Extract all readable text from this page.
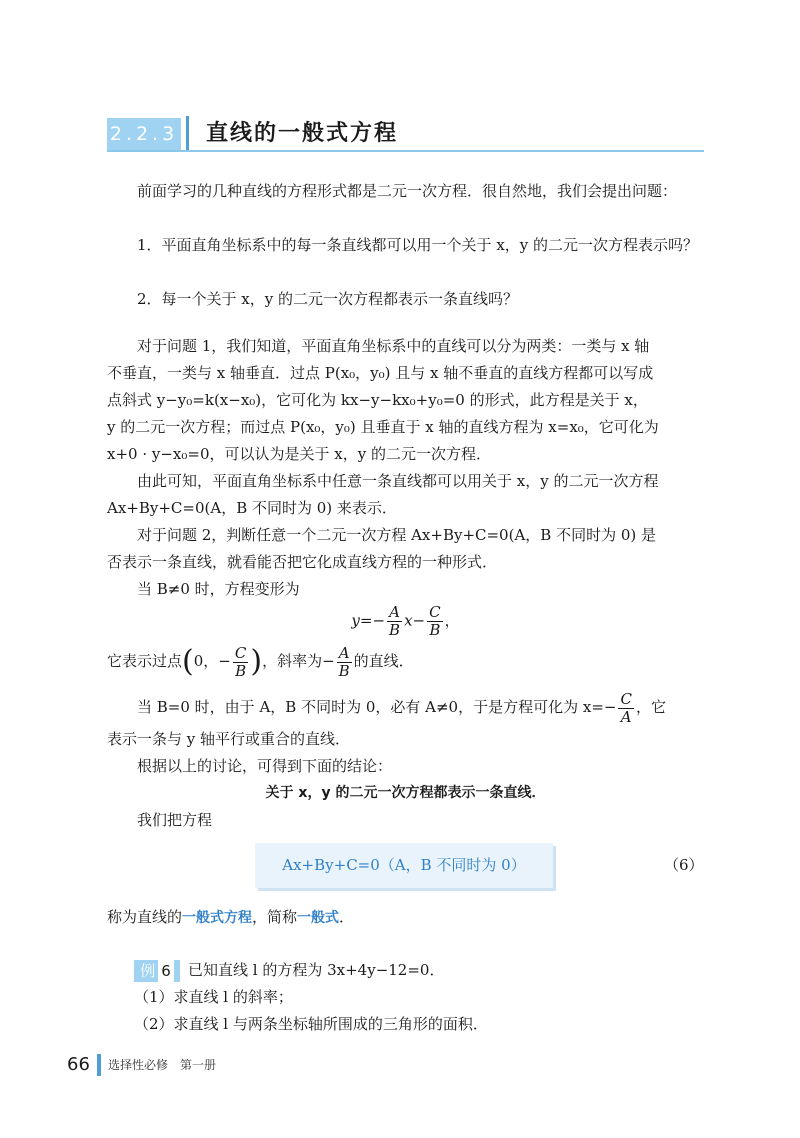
2.2.3 直线的一般式方程
前面学习的几种直线的方程形式都是二元一次方程．很自然地，我们会提出问题：
1．平面直角坐标系中的每一条直线都可以用一个关于 x，y 的二元一次方程表示吗？
2．每一个关于 x，y 的二元一次方程都表示一条直线吗？
对于问题 1，我们知道，平面直角坐标系中的直线可以分为两类：一类与 x 轴
不垂直，一类与 x 轴垂直．过点 P(x₀，y₀) 且与 x 轴不垂直的直线方程都可以写成
点斜式 y−y₀=k(x−x₀)，它可化为 kx−y−kx₀+y₀=0 的形式，此方程是关于 x，
y 的二元一次方程；而过点 P(x₀，y₀) 且垂直于 x 轴的直线方程为 x=x₀，它可化为
x+0 · y−x₀=0，可以认为是关于 x，y 的二元一次方程．
由此可知，平面直角坐标系中任意一条直线都可以用关于 x，y 的二元一次方程
Ax+By+C=0(A，B 不同时为 0) 来表示．
对于问题 2，判断任意一个二元一次方程 Ax+By+C=0(A，B 不同时为 0) 是
否表示一条直线，就看能否把它化成直线方程的一种形式．
当 B≠0 时，方程变形为
$y=- \frac{A}{B} x- \frac{C}{B}$ ，
它表示过点(0，− $\frac{C}{B}$ )，斜率为− $\frac{A}{B}$ 的直线．
当 B=0 时，由于 A，B 不同时为 0，必有 A≠0，于是方程可化为 $x=- \frac{C}{A}$ ，它
表示一条与 y 轴平行或重合的直线．
根据以上的讨论，可得到下面的结论：
关于 x，y 的二元一次方程都表示一条直线．
我们把方程
Ax+By+C=0（A，B 不同时为 0）	（6）
称为直线的一般式方程，简称一般式．
例 6	已知直线 l 的方程为 3x+4y−12=0．
（1）求直线 l 的斜率；
（2）求直线 l 与两条坐标轴所围成的三角形的面积．
66 选择性必修　第一册
